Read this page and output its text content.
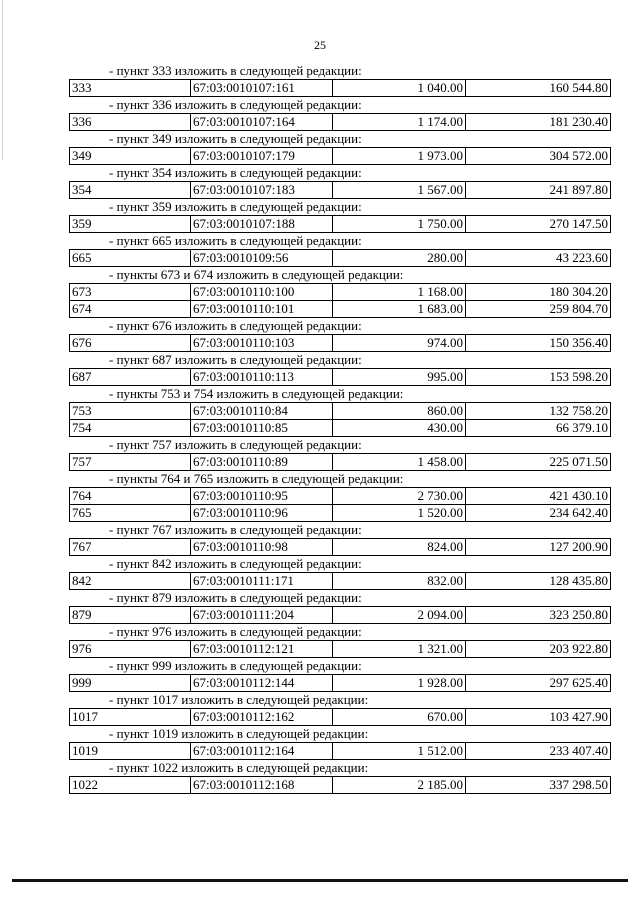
25
- пункт 333 изложить в следующей редакции:
333	67:03:0010107:161	1 040.00	160 544.80
- пункт 336 изложить в следующей редакции:
336	67:03:0010107:164	1 174.00	181 230.40
- пункт 349 изложить в следующей редакции:
349	67:03:0010107:179	1 973.00	304 572.00
- пункт 354 изложить в следующей редакции:
354	67:03:0010107:183	1 567.00	241 897.80
- пункт 359 изложить в следующей редакции:
359	67:03:0010107:188	1 750.00	270 147.50
- пункт 665 изложить в следующей редакции:
665	67:03:0010109:56	280.00	43 223.60
- пункты 673 и 674 изложить в следующей редакции:
673	67:03:0010110:100	1 168.00	180 304.20
674	67:03:0010110:101	1 683.00	259 804.70
- пункт 676 изложить в следующей редакции:
676	67:03:0010110:103	974.00	150 356.40
- пункт 687 изложить в следующей редакции:
687	67:03:0010110:113	995.00	153 598.20
- пункты 753 и 754 изложить в следующей редакции:
753	67:03:0010110:84	860.00	132 758.20
754	67:03:0010110:85	430.00	66 379.10
- пункт 757 изложить в следующей редакции:
757	67:03:0010110:89	1 458.00	225 071.50
- пункты 764 и 765 изложить в следующей редакции:
764	67:03:0010110:95	2 730.00	421 430.10
765	67:03:0010110:96	1 520.00	234 642.40
- пункт 767 изложить в следующей редакции:
767	67:03:0010110:98	824.00	127 200.90
- пункт 842 изложить в следующей редакции:
842	67:03:0010111:171	832.00	128 435.80
- пункт 879 изложить в следующей редакции:
879	67:03:0010111:204	2 094.00	323 250.80
- пункт 976 изложить в следующей редакции:
976	67:03:0010112:121	1 321.00	203 922.80
- пункт 999 изложить в следующей редакции:
999	67:03:0010112:144	1 928.00	297 625.40
- пункт 1017 изложить в следующей редакции:
1017	67:03:0010112:162	670.00	103 427.90
- пункт 1019 изложить в следующей редакции:
1019	67:03:0010112:164	1 512.00	233 407.40
- пункт 1022 изложить в следующей редакции:
1022	67:03:0010112:168	2 185.00	337 298.50
